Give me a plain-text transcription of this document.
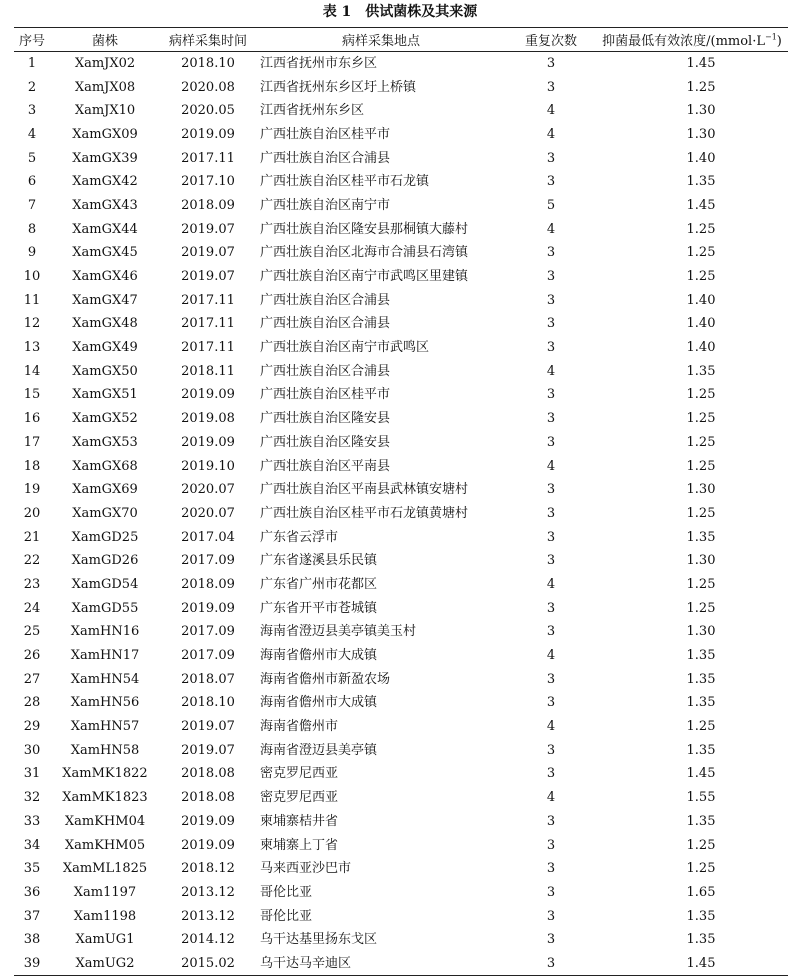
表 1　供试菌株及其来源
序号	菌株	病样采集时间	病样采集地点	重复次数	抑菌最低有效浓度$/(mmol\cdot L^{-1})$
1	XamJX02	2018.10	江西省抚州市东乡区	3	1.45
2	XamJX08	2020.08	江西省抚州东乡区圩上桥镇	3	1.25
3	XamJX10	2020.05	江西省抚州东乡区	4	1.30
4	XamGX09	2019.09	广西壮族自治区桂平市	4	1.30
5	XamGX39	2017.11	广西壮族自治区合浦县	3	1.40
6	XamGX42	2017.10	广西壮族自治区桂平市石龙镇	3	1.35
7	XamGX43	2018.09	广西壮族自治区南宁市	5	1.45
8	XamGX44	2019.07	广西壮族自治区隆安县那桐镇大藤村	4	1.25
9	XamGX45	2019.07	广西壮族自治区北海市合浦县石湾镇	3	1.25
10	XamGX46	2019.07	广西壮族自治区南宁市武鸣区里建镇	3	1.25
11	XamGX47	2017.11	广西壮族自治区合浦县	3	1.40
12	XamGX48	2017.11	广西壮族自治区合浦县	3	1.40
13	XamGX49	2017.11	广西壮族自治区南宁市武鸣区	3	1.40
14	XamGX50	2018.11	广西壮族自治区合浦县	4	1.35
15	XamGX51	2019.09	广西壮族自治区桂平市	3	1.25
16	XamGX52	2019.08	广西壮族自治区隆安县	3	1.25
17	XamGX53	2019.09	广西壮族自治区隆安县	3	1.25
18	XamGX68	2019.10	广西壮族自治区平南县	4	1.25
19	XamGX69	2020.07	广西壮族自治区平南县武林镇安塘村	3	1.30
20	XamGX70	2020.07	广西壮族自治区桂平市石龙镇黄塘村	3	1.25
21	XamGD25	2017.04	广东省云浮市	3	1.35
22	XamGD26	2017.09	广东省遂溪县乐民镇	3	1.30
23	XamGD54	2018.09	广东省广州市花都区	4	1.25
24	XamGD55	2019.09	广东省开平市苍城镇	3	1.25
25	XamHN16	2017.09	海南省澄迈县美亭镇美玉村	3	1.30
26	XamHN17	2017.09	海南省儋州市大成镇	4	1.35
27	XamHN54	2018.07	海南省儋州市新盈农场	3	1.35
28	XamHN56	2018.10	海南省儋州市大成镇	3	1.35
29	XamHN57	2019.07	海南省儋州市	4	1.25
30	XamHN58	2019.07	海南省澄迈县美亭镇	3	1.35
31	XamMK1822	2018.08	密克罗尼西亚	3	1.45
32	XamMK1823	2018.08	密克罗尼西亚	4	1.55
33	XamKHM04	2019.09	柬埔寨桔井省	3	1.35
34	XamKHM05	2019.09	柬埔寨上丁省	3	1.25
35	XamML1825	2018.12	马来西亚沙巴市	3	1.25
36	Xam1197	2013.12	哥伦比亚	3	1.65
37	Xam1198	2013.12	哥伦比亚	3	1.35
38	XamUG1	2014.12	乌干达基里扬东戈区	3	1.35
39	XamUG2	2015.02	乌干达马辛迪区	3	1.45
